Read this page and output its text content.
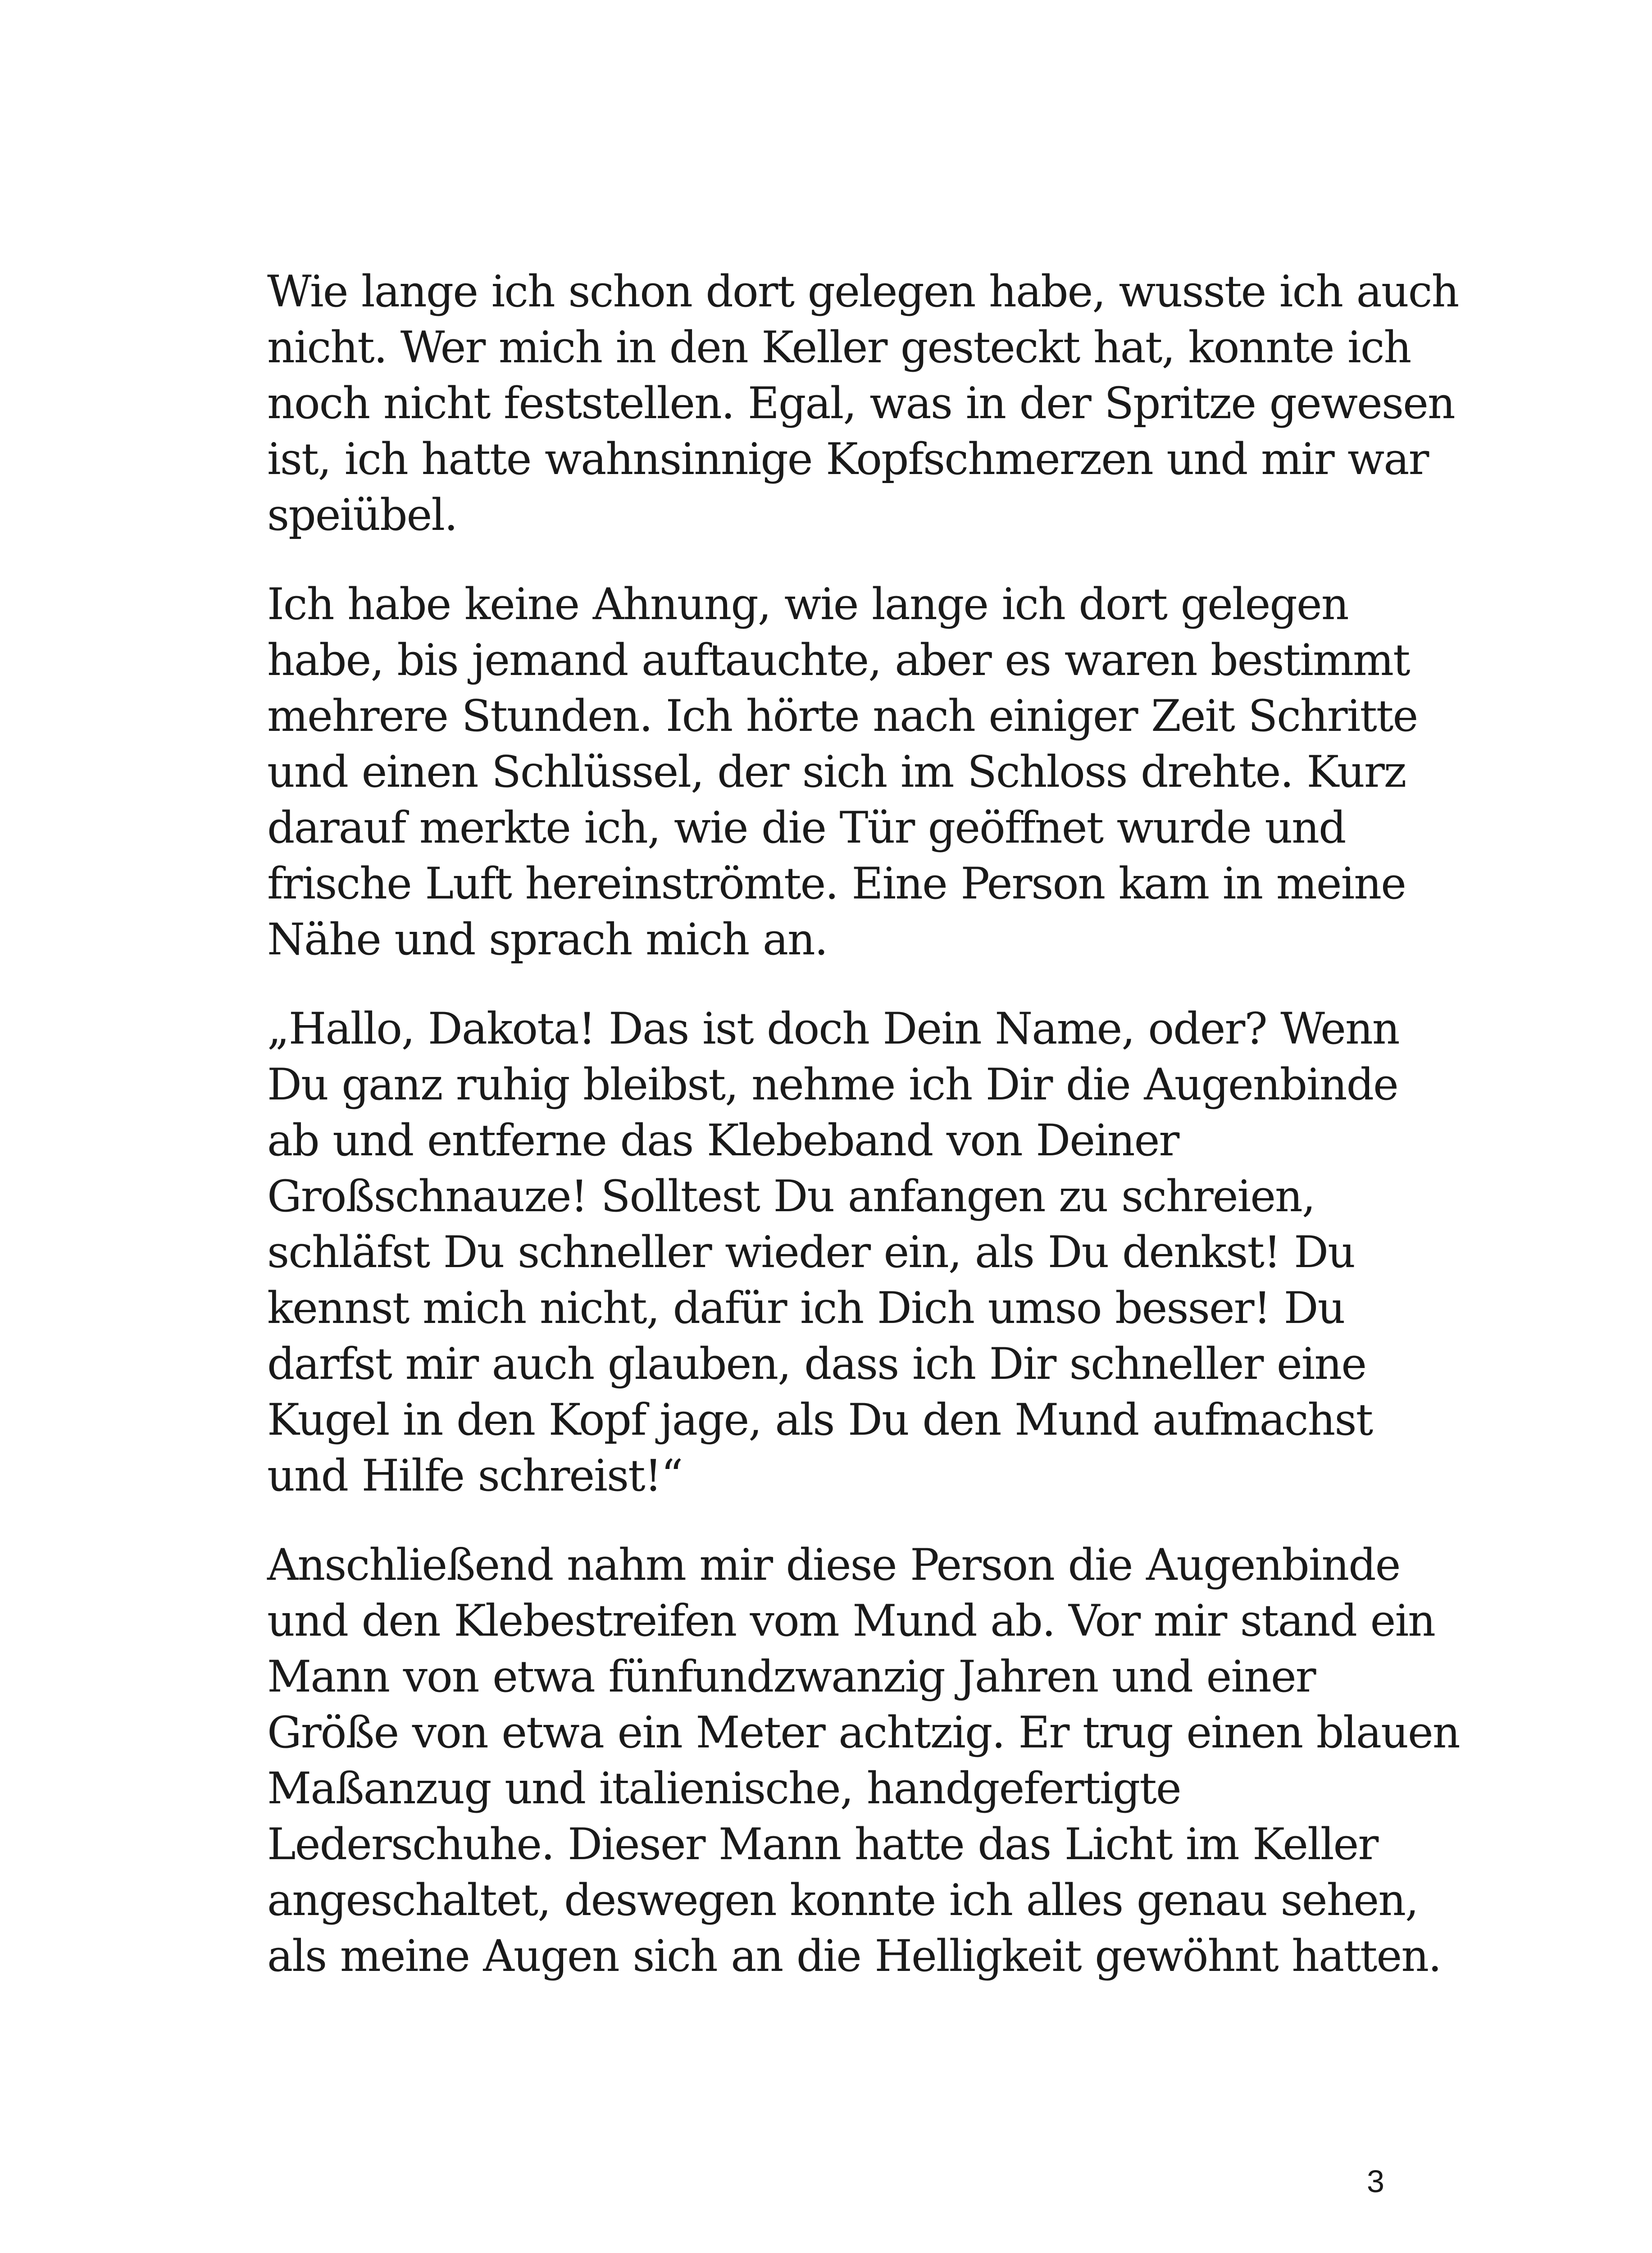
Wie lange ich schon dort gelegen habe, wusste ich auch
nicht. Wer mich in den Keller gesteckt hat, konnte ich
noch nicht feststellen. Egal, was in der Spritze gewesen
ist, ich hatte wahnsinnige Kopfschmerzen und mir war
speiübel.

Ich habe keine Ahnung, wie lange ich dort gelegen
habe, bis jemand auftauchte, aber es waren bestimmt
mehrere Stunden. Ich hörte nach einiger Zeit Schritte
und einen Schlüssel, der sich im Schloss drehte. Kurz
darauf merkte ich, wie die Tür geöffnet wurde und
frische Luft hereinströmte. Eine Person kam in meine
Nähe und sprach mich an.

„Hallo, Dakota! Das ist doch Dein Name, oder? Wenn
Du ganz ruhig bleibst, nehme ich Dir die Augenbinde
ab und entferne das Klebeband von Deiner
Großschnauze! Solltest Du anfangen zu schreien,
schläfst Du schneller wieder ein, als Du denkst! Du
kennst mich nicht, dafür ich Dich umso besser! Du
darfst mir auch glauben, dass ich Dir schneller eine
Kugel in den Kopf jage, als Du den Mund aufmachst
und Hilfe schreist!“

Anschließend nahm mir diese Person die Augenbinde
und den Klebestreifen vom Mund ab. Vor mir stand ein
Mann von etwa fünfundzwanzig Jahren und einer
Größe von etwa ein Meter achtzig. Er trug einen blauen
Maßanzug und italienische, handgefertigte
Lederschuhe. Dieser Mann hatte das Licht im Keller
angeschaltet, deswegen konnte ich alles genau sehen,
als meine Augen sich an die Helligkeit gewöhnt hatten.

3
